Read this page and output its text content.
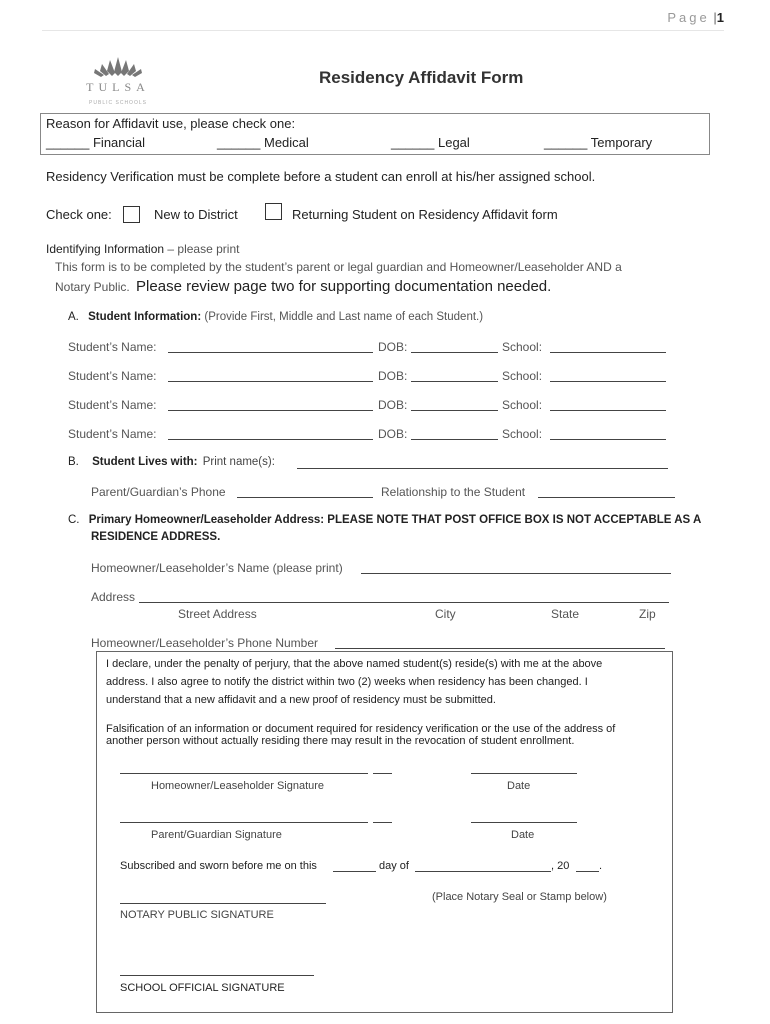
Page |1
TULSA
PUBLIC SCHOOLS
Residency Affidavit Form
Reason for Affidavit use, please check one:
______ Financial	______ Medical	______ Legal	______ Temporary
Residency Verification must be complete before a student can enroll at his/her assigned school.
Check one:	New to District	Returning Student on Residency Affidavit form
Identifying Information – please print
This form is to be completed by the student’s parent or legal guardian and Homeowner/Leaseholder AND a
Notary Public. Please review page two for supporting documentation needed.
A. Student Information: (Provide First, Middle and Last name of each Student.)
Student’s Name:	DOB:	School:
Student’s Name:	DOB:	School:
Student’s Name:	DOB:	School:
Student’s Name:	DOB:	School:
B. Student Lives with: Print name(s):
Parent/Guardian’s Phone	Relationship to the Student
C. Primary Homeowner/Leaseholder Address: PLEASE NOTE THAT POST OFFICE BOX IS NOT ACCEPTABLE AS A
RESIDENCE ADDRESS.
Homeowner/Leaseholder’s Name (please print)
Address
Street Address	City	State	Zip
Homeowner/Leaseholder’s Phone Number
I declare, under the penalty of perjury, that the above named student(s) reside(s) with me at the above
address. I also agree to notify the district within two (2) weeks when residency has been changed. I
understand that a new affidavit and a new proof of residency must be submitted.
Falsification of an information or document required for residency verification or the use of the address of
another person without actually residing there may result in the revocation of student enrollment.
Homeowner/Leaseholder Signature	Date
Parent/Guardian Signature	Date
Subscribed and sworn before me on this	day of	, 20	.
(Place Notary Seal or Stamp below)
NOTARY PUBLIC SIGNATURE
SCHOOL OFFICIAL SIGNATURE
